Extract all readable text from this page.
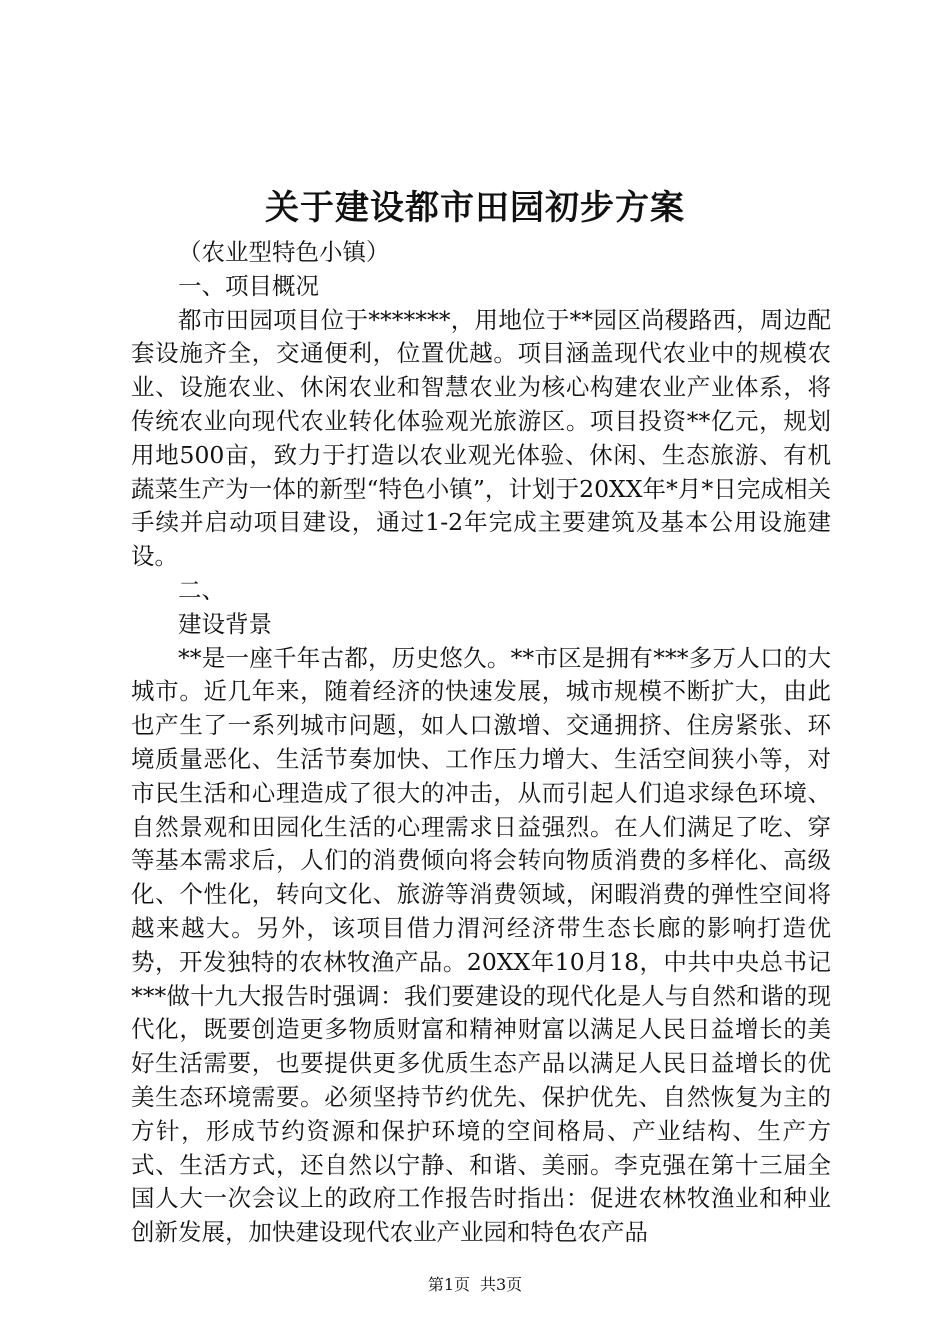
关于建设都市田园初步方案

（农业型特色小镇）

一、项目概况

都市田园项目位于*******，用地位于**园区尚稷路西，周边配套设施齐全，交通便利，位置优越。项目涵盖现代农业中的规模农业、设施农业、休闲农业和智慧农业为核心构建农业产业体系，将传统农业向现代农业转化体验观光旅游区。项目投资**亿元，规划用地500亩，致力于打造以农业观光体验、休闲、生态旅游、有机蔬菜生产为一体的新型“特色小镇”，计划于20XX年*月*日完成相关手续并启动项目建设，通过1-2年完成主要建筑及基本公用设施建设。

二、

建设背景

**是一座千年古都，历史悠久。**市区是拥有***多万人口的大城市。近几年来，随着经济的快速发展，城市规模不断扩大，由此也产生了一系列城市问题，如人口激增、交通拥挤、住房紧张、环境质量恶化、生活节奏加快、工作压力增大、生活空间狭小等，对市民生活和心理造成了很大的冲击，从而引起人们追求绿色环境、自然景观和田园化生活的心理需求日益强烈。在人们满足了吃、穿等基本需求后，人们的消费倾向将会转向物质消费的多样化、高级化、个性化，转向文化、旅游等消费领域，闲暇消费的弹性空间将越来越大。另外，该项目借力渭河经济带生态长廊的影响打造优势，开发独特的农林牧渔产品。20XX年10月18，中共中央总书记***做十九大报告时强调：我们要建设的现代化是人与自然和谐的现代化，既要创造更多物质财富和精神财富以满足人民日益增长的美好生活需要，也要提供更多优质生态产品以满足人民日益增长的优美生态环境需要。必须坚持节约优先、保护优先、自然恢复为主的方针，形成节约资源和保护环境的空间格局、产业结构、生产方式、生活方式，还自然以宁静、和谐、美丽。李克强在第十三届全国人大一次会议上的政府工作报告时指出：促进农林牧渔业和种业创新发展，加快建设现代农业产业园和特色农产品

第1页 共3页
